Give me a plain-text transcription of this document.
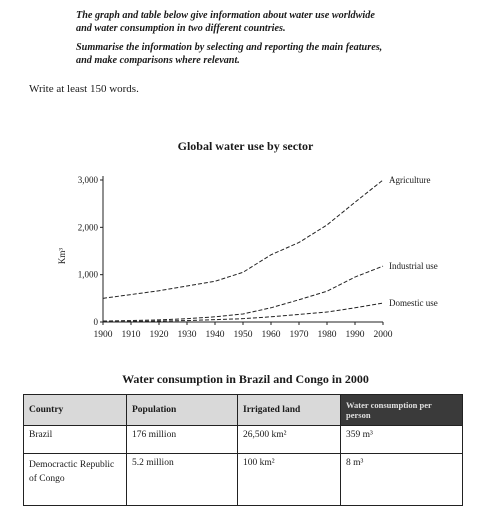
The graph and table below give information about water use worldwide
and water consumption in two different countries.

Summarise the information by selecting and reporting the main features,
and make comparisons where relevant.

Write at least 150 words.
Global water use by sector
0
1,000
2,000
3,000
1900 1910 1920 1930 1940 1950 1960 1970 1980 1990 2000
Km³
Agriculture
Industrial use
Domestic use
Water consumption in Brazil and Congo in 2000
Country	Population	Irrigated land	Water consumption per person
Brazil	176 million	26,500 km²	359 m³
Democractic Republic of Congo	5.2 million	100 km²	8 m³
